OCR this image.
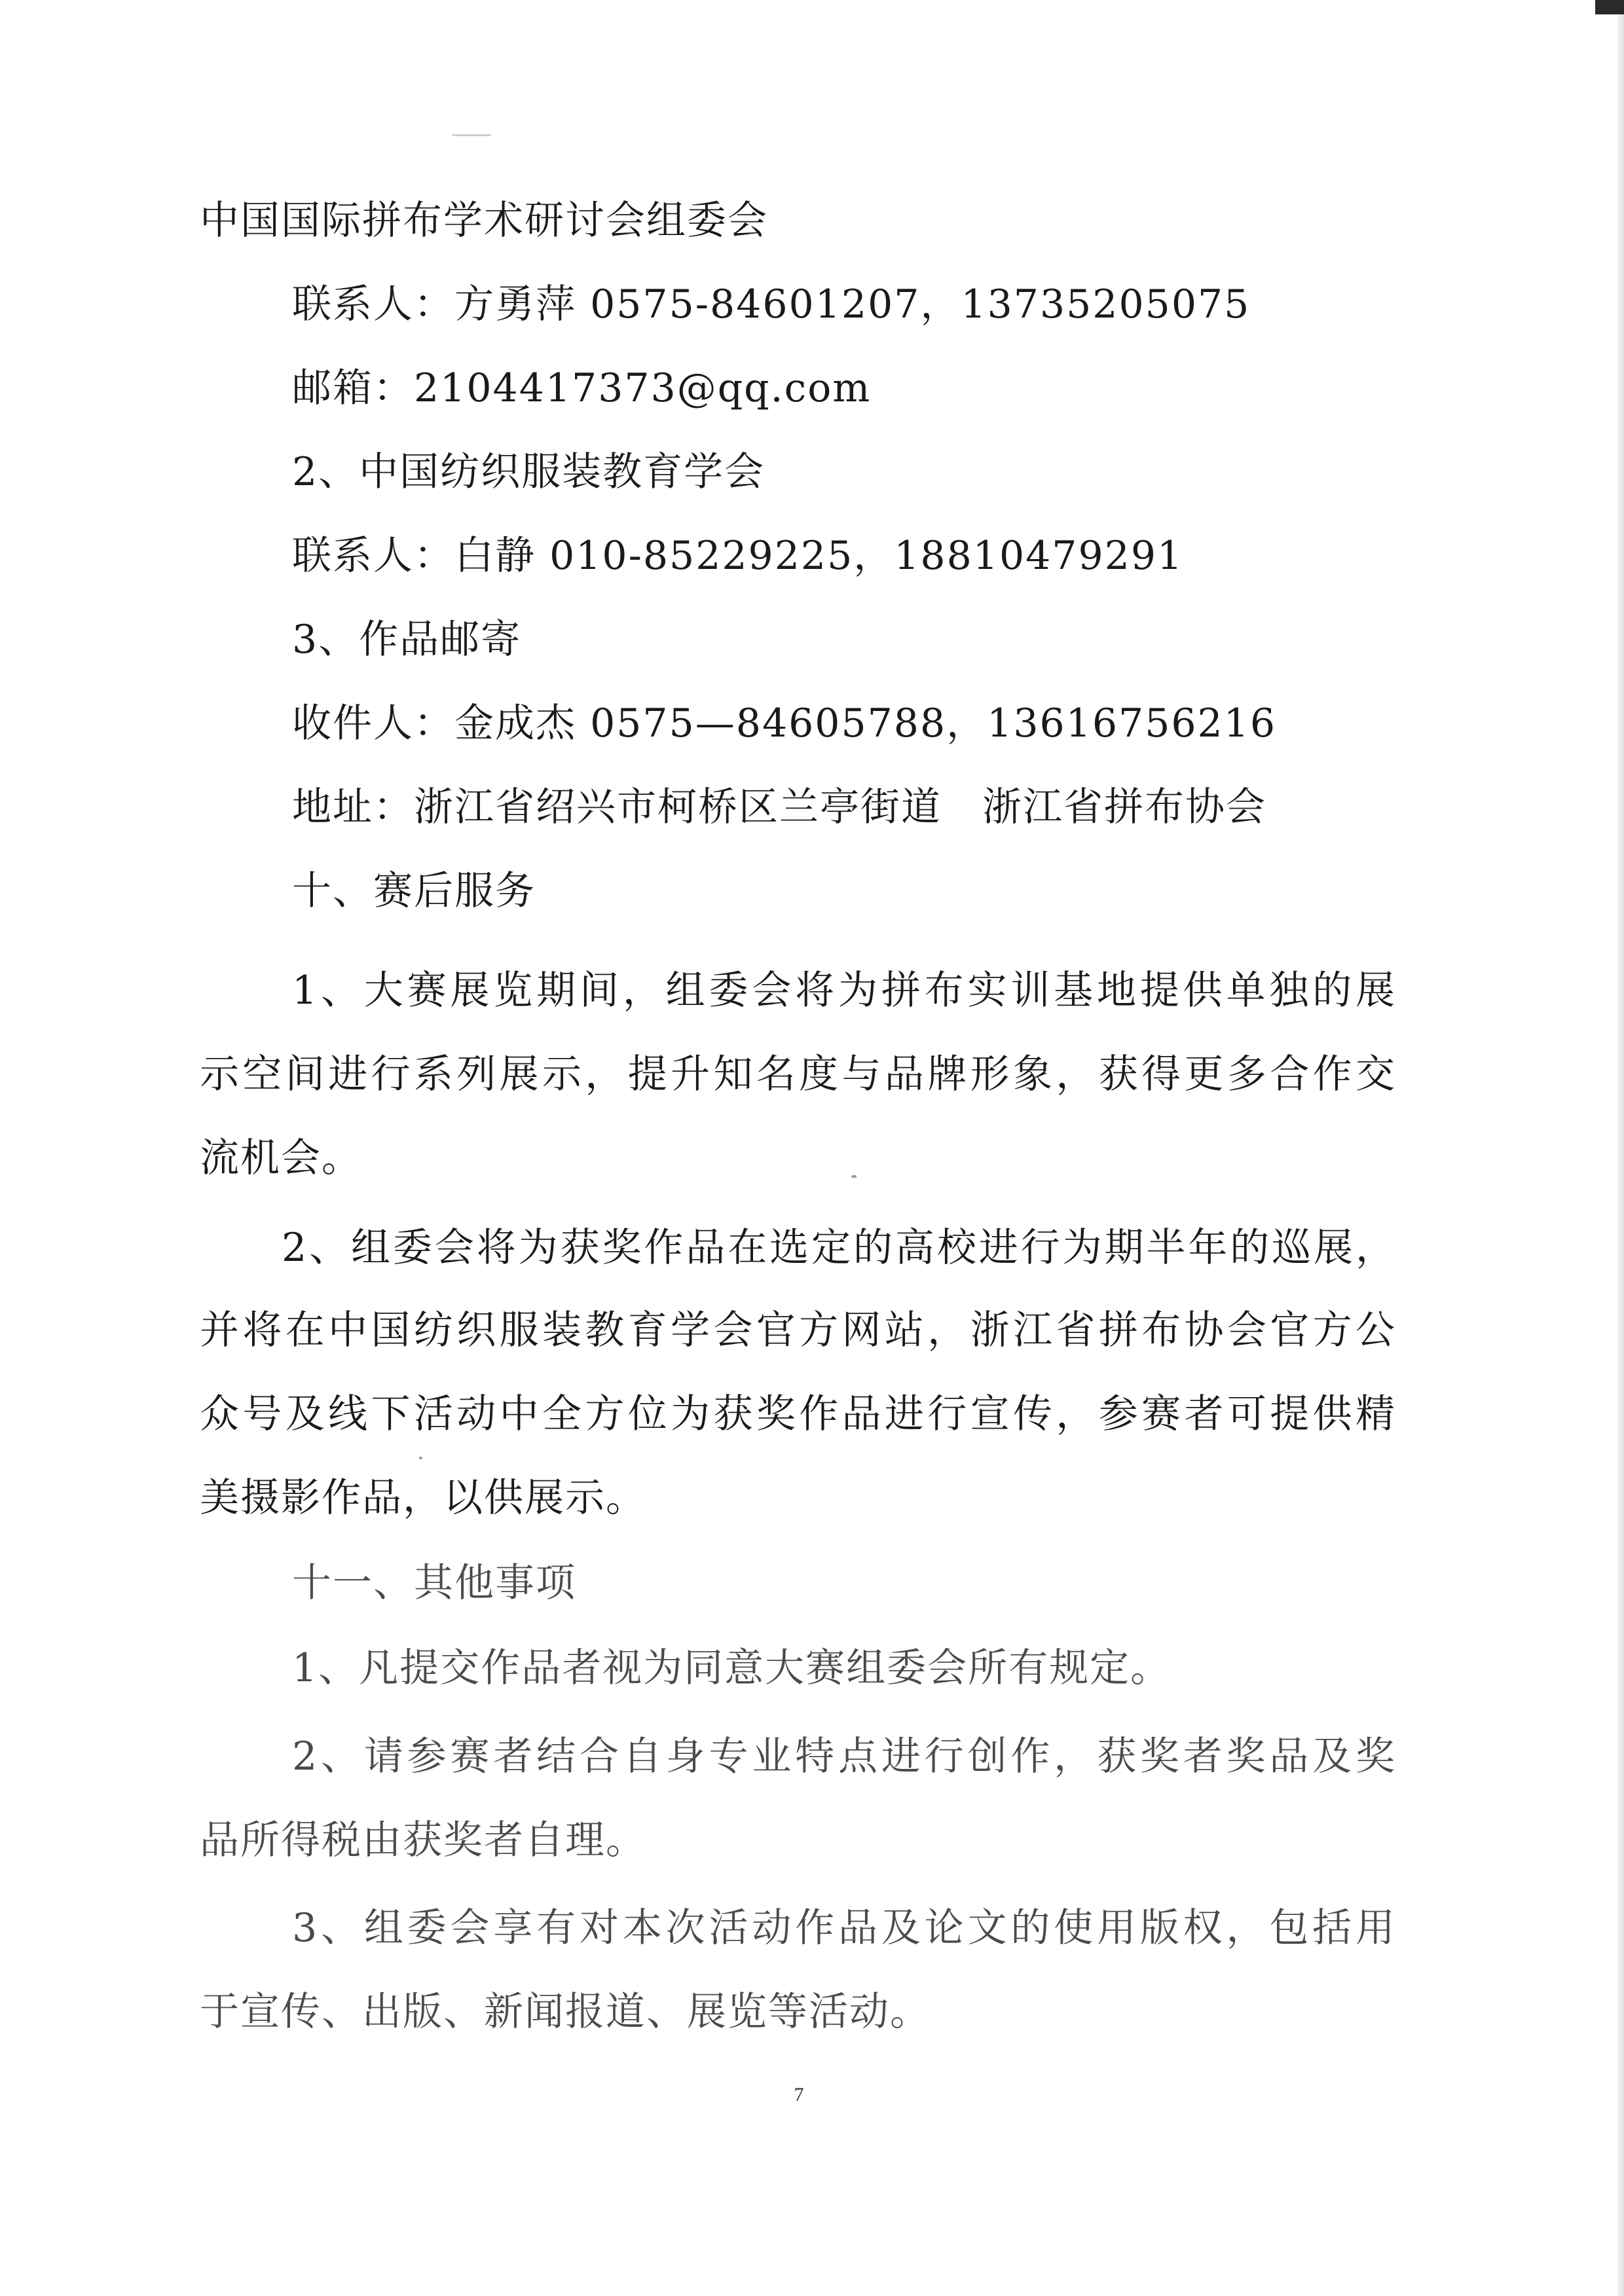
中国国际拼布学术研讨会组委会
联系人：方勇萍 0575-84601207，13735205075
邮箱：2104417373@qq.com
2、中国纺织服装教育学会
联系人：白静 010-85229225，18810479291
3、作品邮寄
收件人：金成杰 0575—84605788，13616756216
地址：浙江省绍兴市柯桥区兰亭街道　浙江省拼布协会
十、赛后服务
1、大赛展览期间，组委会将为拼布实训基地提供单独的展
示空间进行系列展示，提升知名度与品牌形象，获得更多合作交
流机会。
2、组委会将为获奖作品在选定的高校进行为期半年的巡展，
并将在中国纺织服装教育学会官方网站，浙江省拼布协会官方公
众号及线下活动中全方位为获奖作品进行宣传，参赛者可提供精
美摄影作品，以供展示。
十一、其他事项
1、凡提交作品者视为同意大赛组委会所有规定。
2、请参赛者结合自身专业特点进行创作，获奖者奖品及奖
品所得税由获奖者自理。
3、组委会享有对本次活动作品及论文的使用版权，包括用
于宣传、出版、新闻报道、展览等活动。
7
